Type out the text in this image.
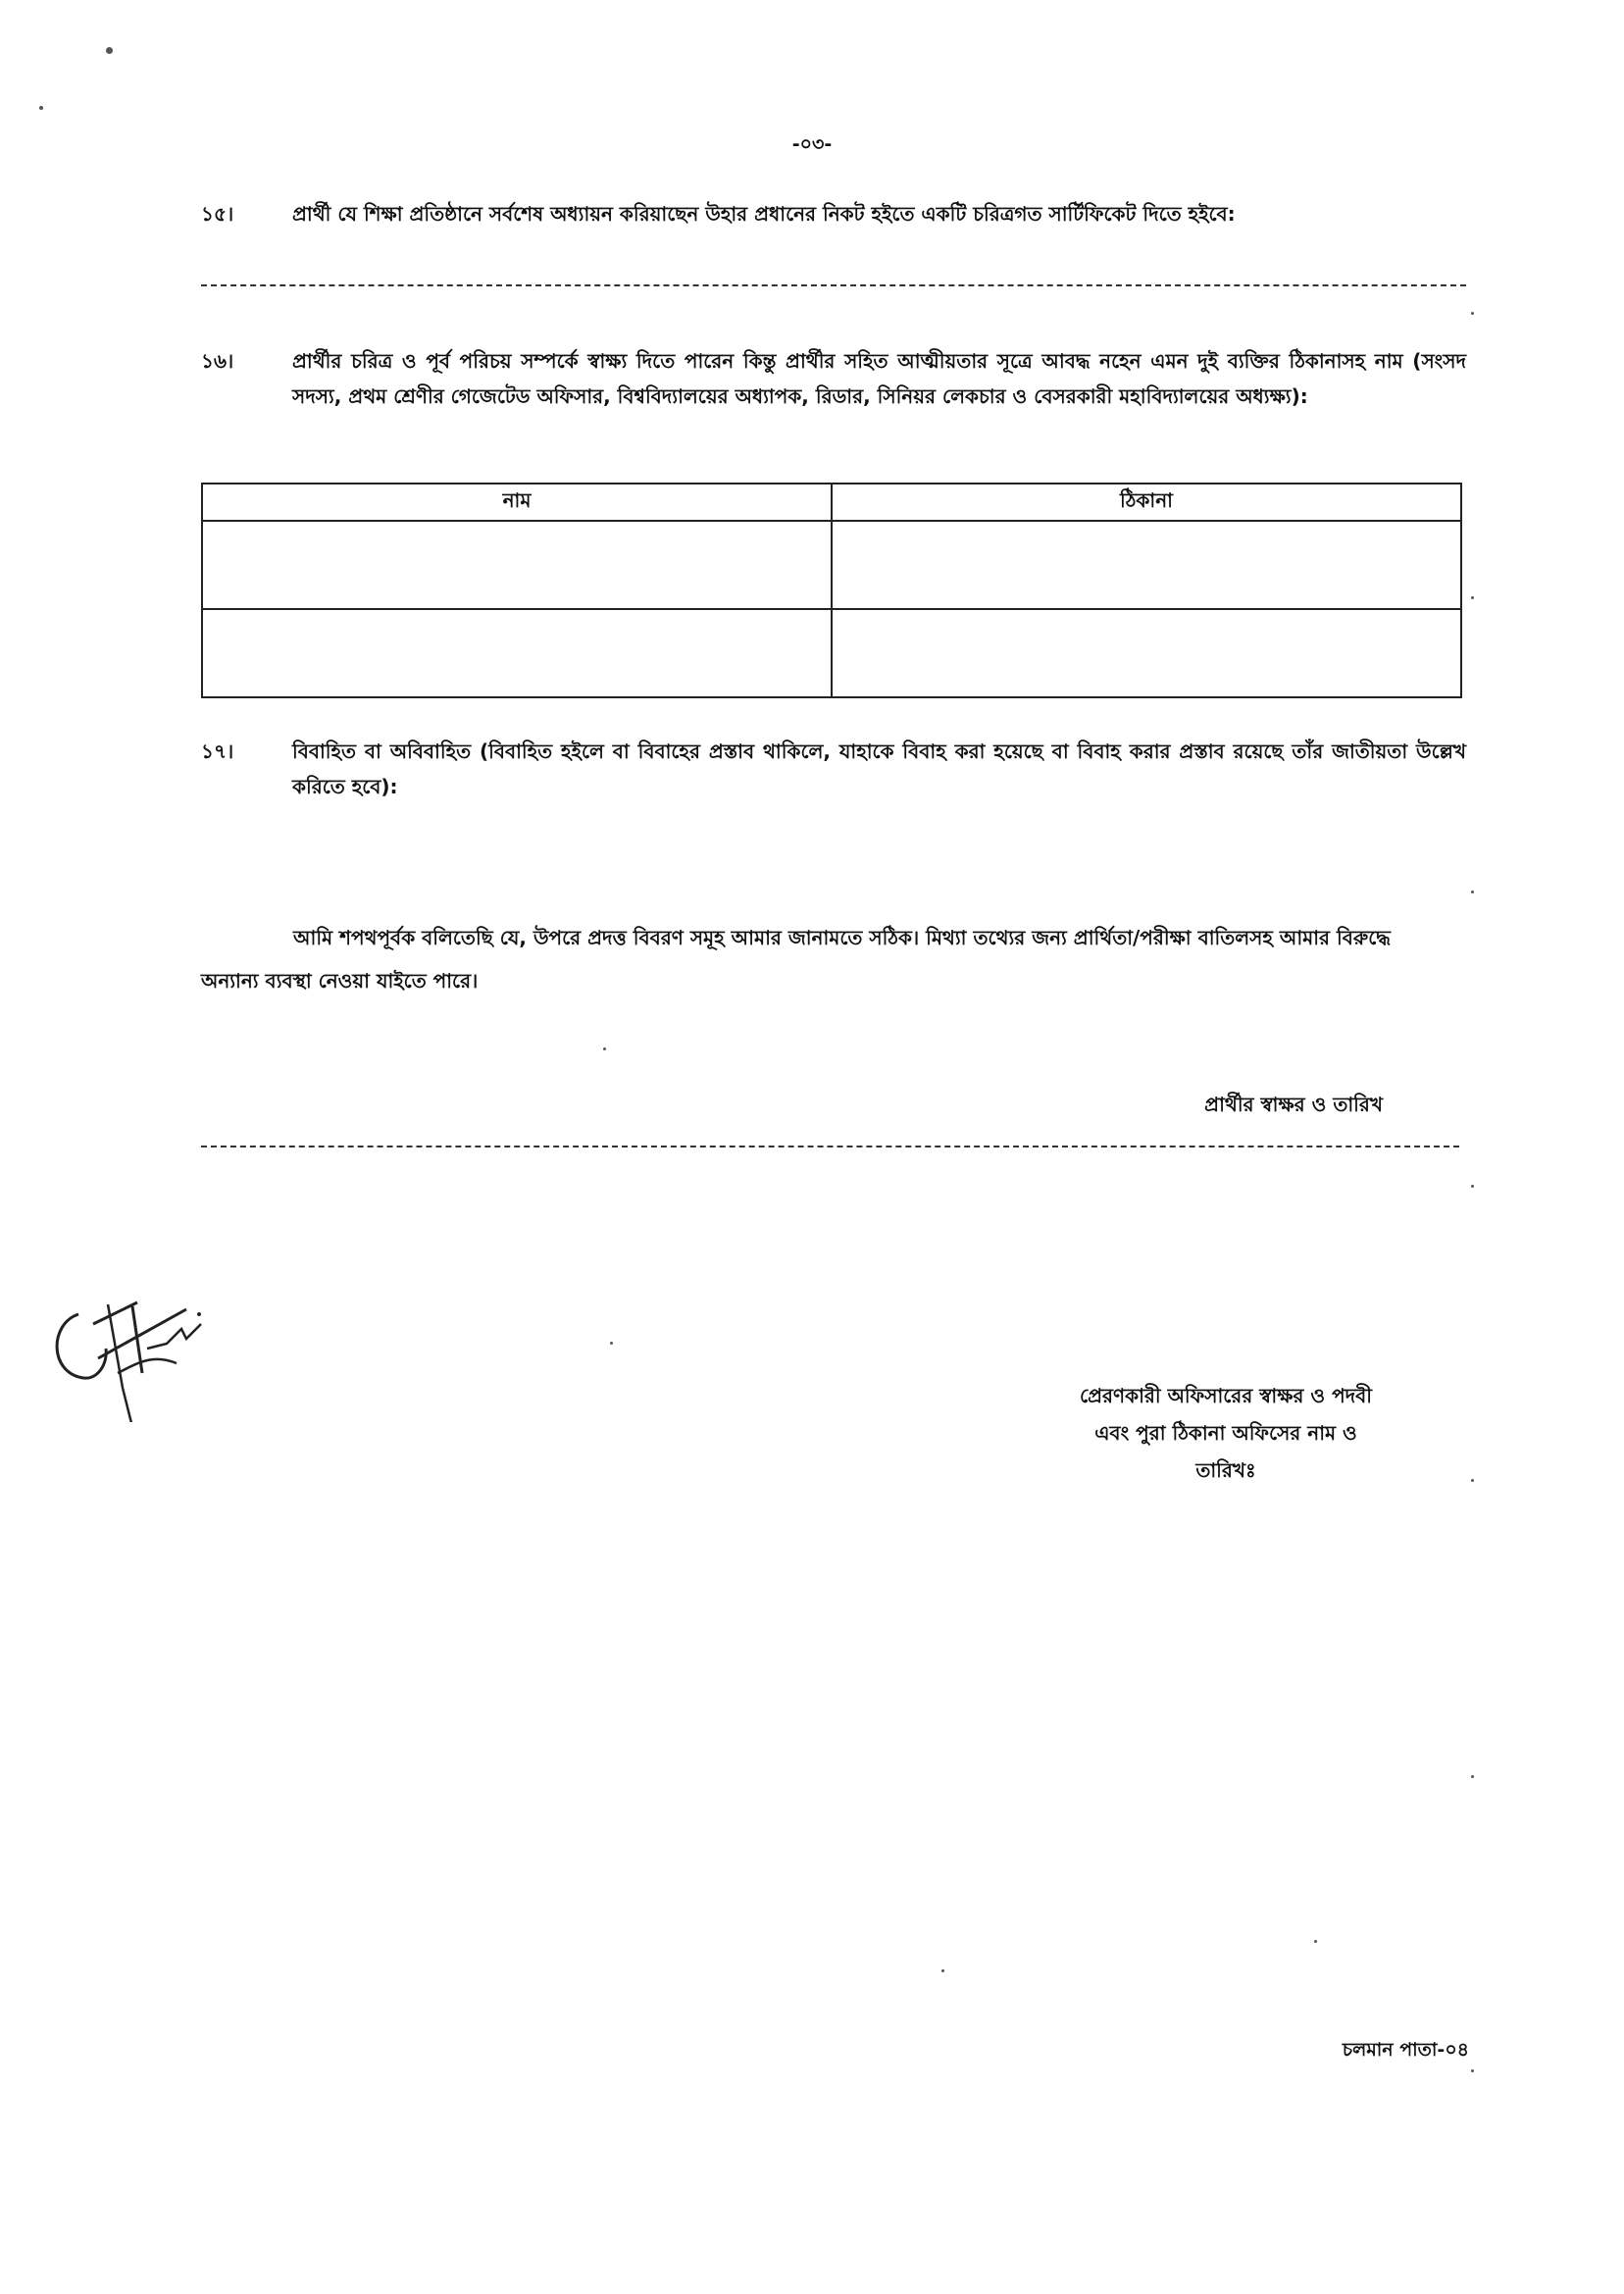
-০৩-
১৫।	প্রার্থী যে শিক্ষা প্রতিষ্ঠানে সর্বশেষ অধ্যায়ন করিয়াছেন উহার প্রধানের নিকট হইতে একটি চরিত্রগত সার্টিফিকেট দিতে হইবে:
১৬।	প্রার্থীর চরিত্র ও পূর্ব পরিচয় সম্পর্কে স্বাক্ষ্য দিতে পারেন কিন্তু প্রার্থীর সহিত আত্মীয়তার সূত্রে আবদ্ধ নহেন এমন দুই ব্যক্তির ঠিকানাসহ নাম (সংসদ সদস্য, প্রথম শ্রেণীর গেজেটেড অফিসার, বিশ্ববিদ্যালয়ের অধ্যাপক, রিডার, সিনিয়র লেকচার ও বেসরকারী মহাবিদ্যালয়ের অধ্যক্ষ্য):
নাম	ঠিকানা

১৭।	বিবাহিত বা অবিবাহিত (বিবাহিত হইলে বা বিবাহের প্রস্তাব থাকিলে, যাহাকে বিবাহ করা হয়েছে বা বিবাহ করার প্রস্তাব রয়েছে তাঁর জাতীয়তা উল্লেখ করিতে হবে):
আমি শপথপূর্বক বলিতেছি যে, উপরে প্রদত্ত বিবরণ সমূহ আমার জানামতে সঠিক। মিথ্যা তথ্যের জন্য প্রার্থিতা/পরীক্ষা বাতিলসহ আমার বিরুদ্ধে অন্যান্য ব্যবস্থা নেওয়া যাইতে পারে।
প্রার্থীর স্বাক্ষর ও তারিখ
প্রেরণকারী অফিসারের স্বাক্ষর ও পদবী
এবং পুরা ঠিকানা অফিসের নাম ও
তারিখঃ
চলমান পাতা-০৪
